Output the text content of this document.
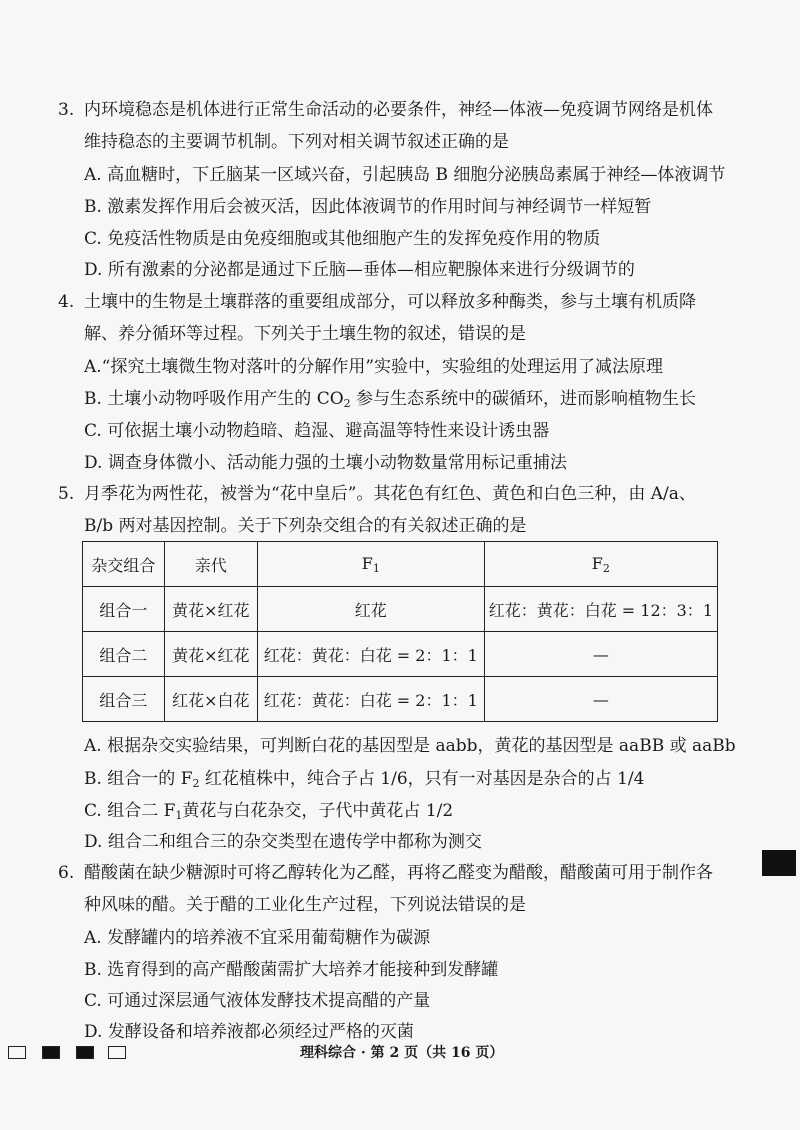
3. 内环境稳态是机体进行正常生命活动的必要条件，神经—体液—免疫调节网络是机体
维持稳态的主要调节机制。下列对相关调节叙述正确的是
A. 高血糖时，下丘脑某一区域兴奋，引起胰岛 B 细胞分泌胰岛素属于神经—体液调节
B. 激素发挥作用后会被灭活，因此体液调节的作用时间与神经调节一样短暂
C. 免疫活性物质是由免疫细胞或其他细胞产生的发挥免疫作用的物质
D. 所有激素的分泌都是通过下丘脑—垂体—相应靶腺体来进行分级调节的
4. 土壤中的生物是土壤群落的重要组成部分，可以释放多种酶类，参与土壤有机质降
解、养分循环等过程。下列关于土壤生物的叙述，错误的是
A.“探究土壤微生物对落叶的分解作用”实验中，实验组的处理运用了减法原理
B. 土壤小动物呼吸作用产生的 $CO_2$ 参与生态系统中的碳循环，进而影响植物生长
C. 可依据土壤小动物趋暗、趋湿、避高温等特性来设计诱虫器
D. 调查身体微小、活动能力强的土壤小动物数量常用标记重捕法
5. 月季花为两性花，被誉为“花中皇后”。其花色有红色、黄色和白色三种，由 A/a、
B/b 两对基因控制。关于下列杂交组合的有关叙述正确的是
杂交组合	亲代	$F_1$	$F_2$
组合一	黄花×红花	红花	红花：黄花：白花 = 12：3：1
组合二	黄花×红花	红花：黄花：白花 = 2：1：1	—
组合三	红花×白花	红花：黄花：白花 = 2：1：1	—
A. 根据杂交实验结果，可判断白花的基因型是 aabb，黄花的基因型是 aaBB 或 aaBb
B. 组合一的 $F_2$ 红花植株中，纯合子占 1/6，只有一对基因是杂合的占 1/4
C. 组合二 $F_1$黄花与白花杂交，子代中黄花占 1/2
D. 组合二和组合三的杂交类型在遗传学中都称为测交
6. 醋酸菌在缺少糖源时可将乙醇转化为乙醛，再将乙醛变为醋酸，醋酸菌可用于制作各
种风味的醋。关于醋的工业化生产过程，下列说法错误的是
A. 发酵罐内的培养液不宜采用葡萄糖作为碳源
B. 选育得到的高产醋酸菌需扩大培养才能接种到发酵罐
C. 可通过深层通气液体发酵技术提高醋的产量
D. 发酵设备和培养液都必须经过严格的灭菌
理科综合 · 第 2 页（共 16 页）
